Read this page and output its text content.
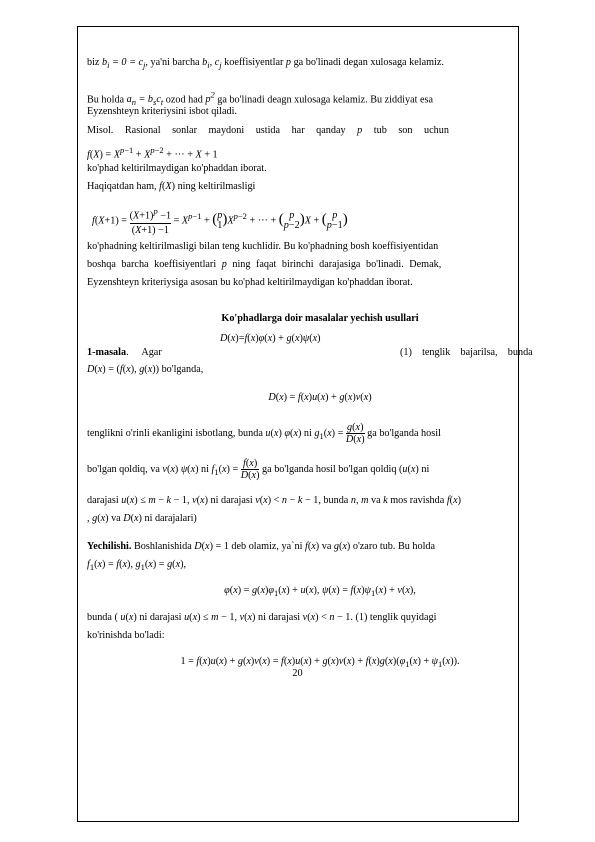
biz $b_i = 0 = c_j$, ya'ni barcha $b_i$, $c_j$ koeffisiyentlar p ga bo'linadi degan xulosaga kelamiz.
Bu holda $a_n = b_sc_t$ ozod had $p^2$ ga bo'linadi deagn xulosaga kelamiz. Bu ziddiyat esa
Eyzenshteyn kriteriysini isbot qiladi.
Misol. Rasional sonlar maydoni ustida har qanday p tub son uchun
$f(X) = X^{p-1} + X^{p-2}$ + ··· + X + 1
ko'phad keltirilmaydigan ko'phaddan iborat.
Haqiqatdan ham, f(X) ning keltirilmasligi
$f(X+1) = \frac{(X+1)^p -1}{(X+1) -1} = X^{p-1}$ + ( p
1 )$X^{p-2}$ + ··· + ( p
p−2 )X + ( p
p−1 )
ko'phadning keltirilmasligi bilan teng kuchlidir. Bu ko'phadning bosh koeffisiyentidan
boshqa barcha koeffisiyentlari p ning faqat birinchi darajasiga bo'linadi. Demak,
Eyzenshteyn kriteriysiga asosan bu ko'phad keltirilmaydigan ko'phaddan iborat.
Ko'phadlarga doir masalalar yechish usullari
D(x)=f(x)φ(x) + g(x)ψ(x)
1-masala.     Agar	(1)    tenglik    bajarilsa,    bunda
D(x) = (f(x), g(x)) bo'lganda,
D(x) = f(x)u(x) + g(x)v(x)
tenglikni o'rinli ekanligini isbotlang, bunda u(x) φ(x) ni $g_1(x) = \frac{g(x)}{D(x)}$ ga bo'lganda hosil
bo'lgan qoldiq, va v(x) ψ(x) ni $f_1(x) = \frac{f(x)}{D(x)}$ ga bo'lganda hosil bo'lgan qoldiq (u(x) ni
darajasi u(x) ≤ m − k − 1, v(x) ni darajasi v(x) < n − k − 1, bunda n, m va k mos ravishda f(x)
, g(x) va D(x) ni darajalari)
Yechilishi. Boshlanishida D(x) = 1 deb olamiz, ya`ni f(x) va g(x) o'zaro tub. Bu holda
$f_1(x) = f(x)$, $g_1(x) = g(x)$,
$\varphi(x) = g(x)\varphi_1(x) + u(x)$, $\psi(x) = f(x)\psi_1(x) + v(x)$,
bunda ( u(x) ni darajasi u(x) ≤ m − 1, v(x) ni darajasi v(x) < n − 1. (1) tenglik quyidagi
ko'rinishda bo'ladi:
$1 = f(x)u(x) + g(x)v(x) = f(x)u(x) + g(x)v(x) + f(x)g(x)(\varphi_1(x) + \psi_1(x))$.
20
